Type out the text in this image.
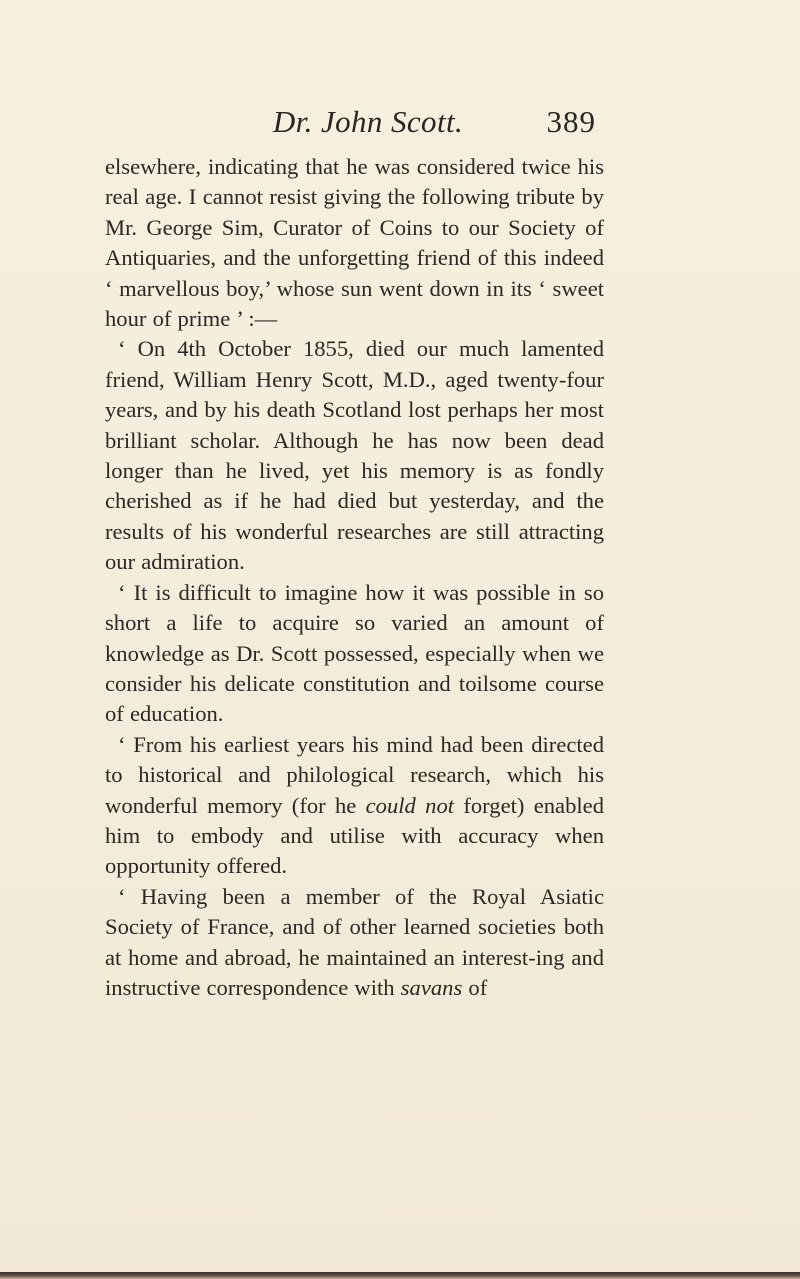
Dr. John Scott.	389

elsewhere, indicating that he was considered twice his real age. I cannot resist giving the following tribute by Mr. George Sim, Curator of Coins to our Society of Antiquaries, and the unforgetting friend of this indeed ‘ marvellous boy,’ whose sun went down in its ‘ sweet hour of prime ’ :—

‘ On 4th October 1855, died our much lamented friend, William Henry Scott, M.D., aged twenty-four years, and by his death Scotland lost perhaps her most brilliant scholar. Although he has now been dead longer than he lived, yet his memory is as fondly cherished as if he had died but yesterday, and the results of his wonderful researches are still attracting our admiration.

‘ It is difficult to imagine how it was possible in so short a life to acquire so varied an amount of knowledge as Dr. Scott possessed, especially when we consider his delicate constitution and toilsome course of education.

‘ From his earliest years his mind had been directed to historical and philological research, which his wonderful memory (for he could not forget) enabled him to embody and utilise with accuracy when opportunity offered.

‘ Having been a member of the Royal Asiatic Society of France, and of other learned societies both at home and abroad, he maintained an interest-ing and instructive correspondence with savans of
